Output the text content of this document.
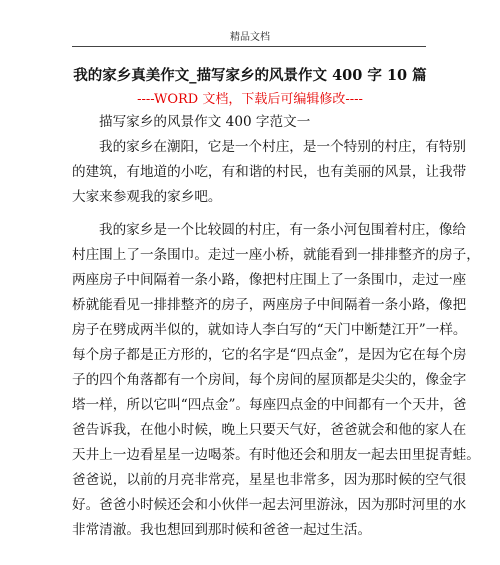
精品文档
我的家乡真美作文_描写家乡的风景作文 400 字 10 篇
----WORD 文档，下载后可编辑修改----
描写家乡的风景作文 400 字范文一
我的家乡在潮阳，它是一个村庄，是一个特别的村庄，有特别
的建筑，有地道的小吃，有和谐的村民，也有美丽的风景，让我带
大家来参观我的家乡吧。
我的家乡是一个比较圆的村庄，有一条小河包围着村庄，像给
村庄围上了一条围巾。走过一座小桥，就能看到一排排整齐的房子，
两座房子中间隔着一条小路，像把村庄围上了一条围巾，走过一座
桥就能看见一排排整齐的房子，两座房子中间隔着一条小路，像把
房子在劈成两半似的，就如诗人李白写的“天门中断楚江开”一样。
每个房子都是正方形的，它的名字是“四点金”，是因为它在每个房
子的四个角落都有一个房间，每个房间的屋顶都是尖尖的，像金字
塔一样，所以它叫“四点金”。每座四点金的中间都有一个天井，爸
爸告诉我，在他小时候，晚上只要天气好，爸爸就会和他的家人在
天井上一边看星星一边喝茶。有时他还会和朋友一起去田里捉青蛙。
爸爸说，以前的月亮非常亮，星星也非常多，因为那时候的空气很
好。爸爸小时候还会和小伙伴一起去河里游泳，因为那时河里的水
非常清澈。我也想回到那时候和爸爸一起过生活。
